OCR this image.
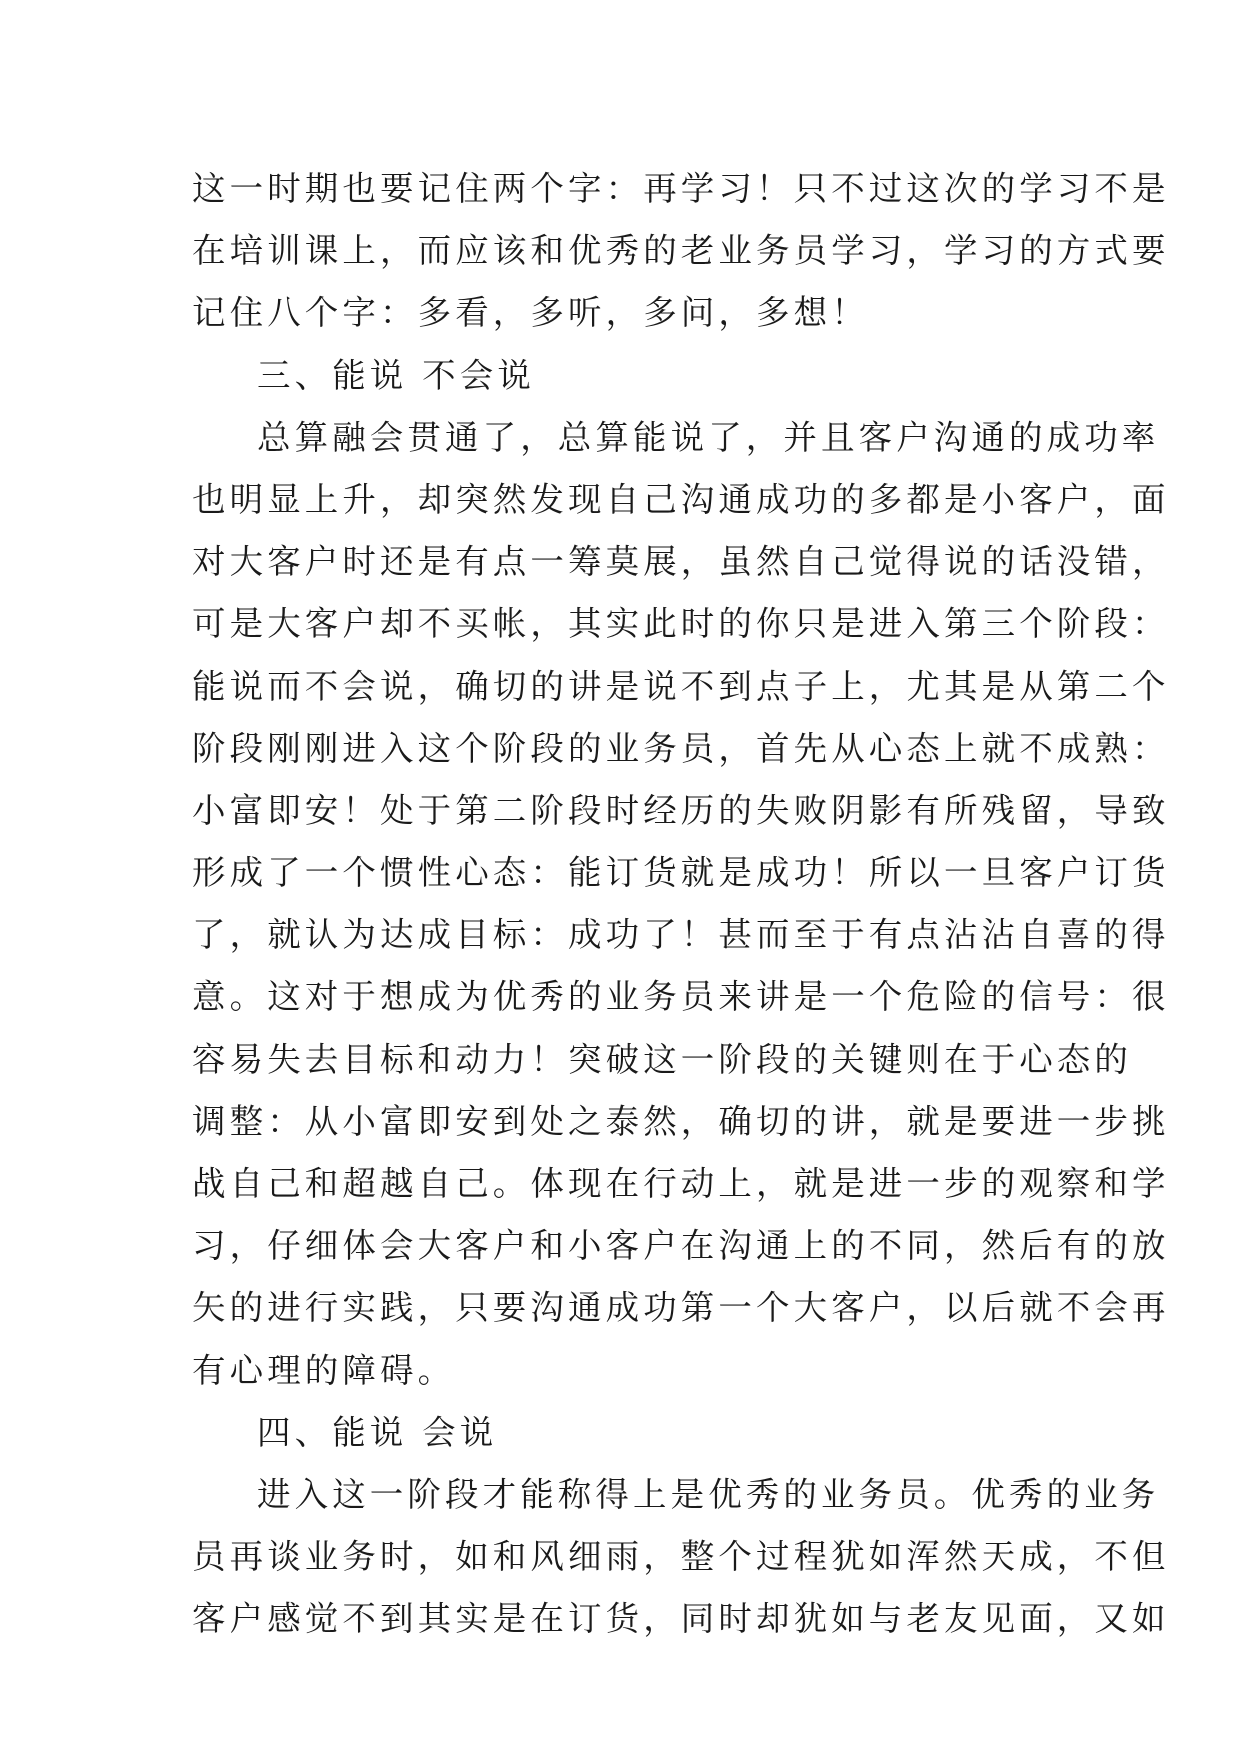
这一时期也要记住两个字：再学习！只不过这次的学习不是
在培训课上，而应该和优秀的老业务员学习，学习的方式要
记住八个字：多看，多听，多问，多想！
三、能说 不会说
总算融会贯通了，总算能说了，并且客户沟通的成功率
也明显上升，却突然发现自己沟通成功的多都是小客户，面
对大客户时还是有点一筹莫展，虽然自己觉得说的话没错，
可是大客户却不买帐，其实此时的你只是进入第三个阶段：
能说而不会说，确切的讲是说不到点子上，尤其是从第二个
阶段刚刚进入这个阶段的业务员，首先从心态上就不成熟：
小富即安！处于第二阶段时经历的失败阴影有所残留，导致
形成了一个惯性心态：能订货就是成功！所以一旦客户订货
了，就认为达成目标：成功了！甚而至于有点沾沾自喜的得
意。这对于想成为优秀的业务员来讲是一个危险的信号：很
容易失去目标和动力！突破这一阶段的关键则在于心态的
调整：从小富即安到处之泰然，确切的讲，就是要进一步挑
战自己和超越自己。体现在行动上，就是进一步的观察和学
习，仔细体会大客户和小客户在沟通上的不同，然后有的放
矢的进行实践，只要沟通成功第一个大客户，以后就不会再
有心理的障碍。
四、能说 会说
进入这一阶段才能称得上是优秀的业务员。优秀的业务
员再谈业务时，如和风细雨，整个过程犹如浑然天成，不但
客户感觉不到其实是在订货，同时却犹如与老友见面，又如
